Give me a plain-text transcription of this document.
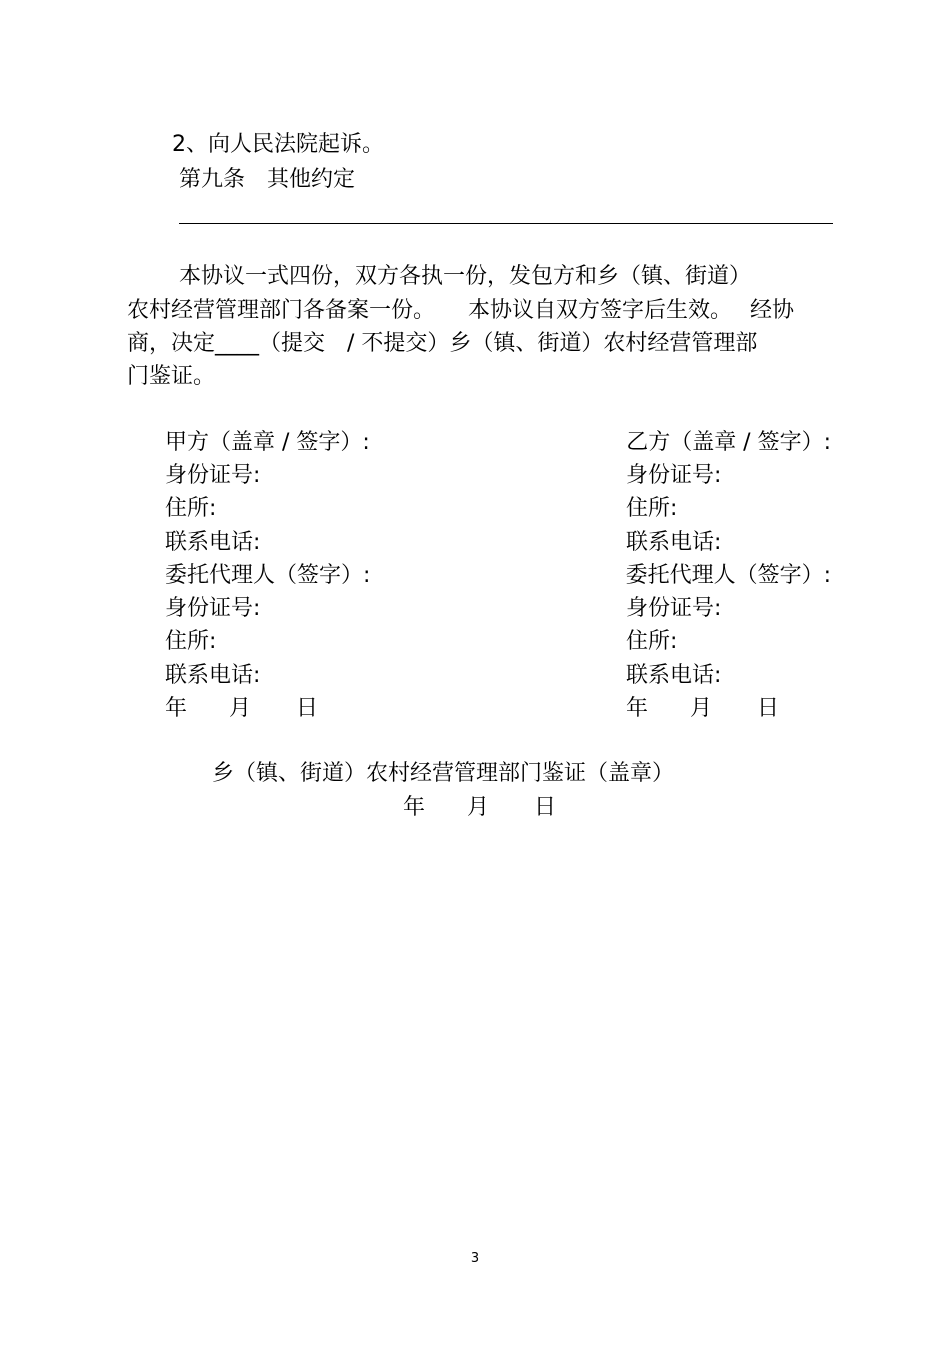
2、向人民法院起诉。
第九条　其他约定
本协议一式四份，双方各执一份，发包方和乡（镇、街道）
农村经营管理部门各备案一份。　　本协议自双方签字后生效。　 经协
商，决定____（提交　/ 不提交）乡（镇、街道）农村经营管理部
门鉴证。
甲方（盖章 / 签字）:
身份证号:
住所:
联系电话:
委托代理人（签字）:
身份证号:
住所:
联系电话:
年 月 日
乙方（盖章 / 签字）:
身份证号:
住所:
联系电话:
委托代理人（签字）:
身份证号:
住所:
联系电话:
年 月 日
乡（镇、街道）农村经营管理部门鉴证（盖章）
年 月 日
3
